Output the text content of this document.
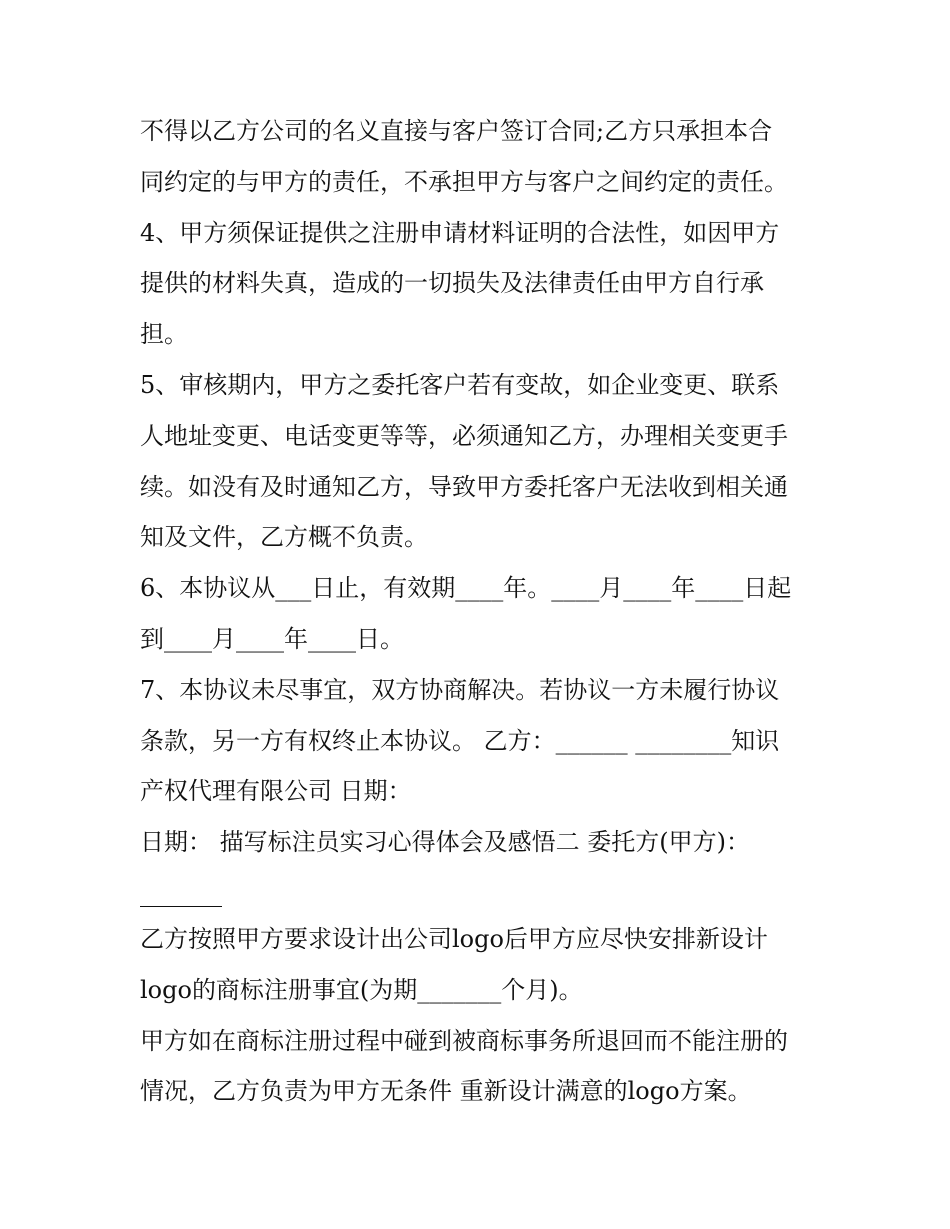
不得以乙方公司的名义直接与客户签订合同;乙方只承担本合
同约定的与甲方的责任，不承担甲方与客户之间约定的责任。
4、甲方须保证提供之注册申请材料证明的合法性，如因甲方
提供的材料失真，造成的一切损失及法律责任由甲方自行承
担。
5、审核期内，甲方之委托客户若有变故，如企业变更、联系
人地址变更、电话变更等等，必须通知乙方，办理相关变更手
续。如没有及时通知乙方，导致甲方委托客户无法收到相关通
知及文件，乙方概不负责。
6、本协议从___日止，有效期____年。____月____年____日起
到____月____年____日。
7、本协议未尽事宜，双方协商解决。若协议一方未履行协议
条款，另一方有权终止本协议。 乙方：______ ________知识
产权代理有限公司 日期：
日期： 描写标注员实习心得体会及感悟二 委托方(甲方)：
乙方按照甲方要求设计出公司logo后甲方应尽快安排新设计
logo的商标注册事宜(为期_______个月)。
甲方如在商标注册过程中碰到被商标事务所退回而不能注册的
情况，乙方负责为甲方无条件 重新设计满意的logo方案。
